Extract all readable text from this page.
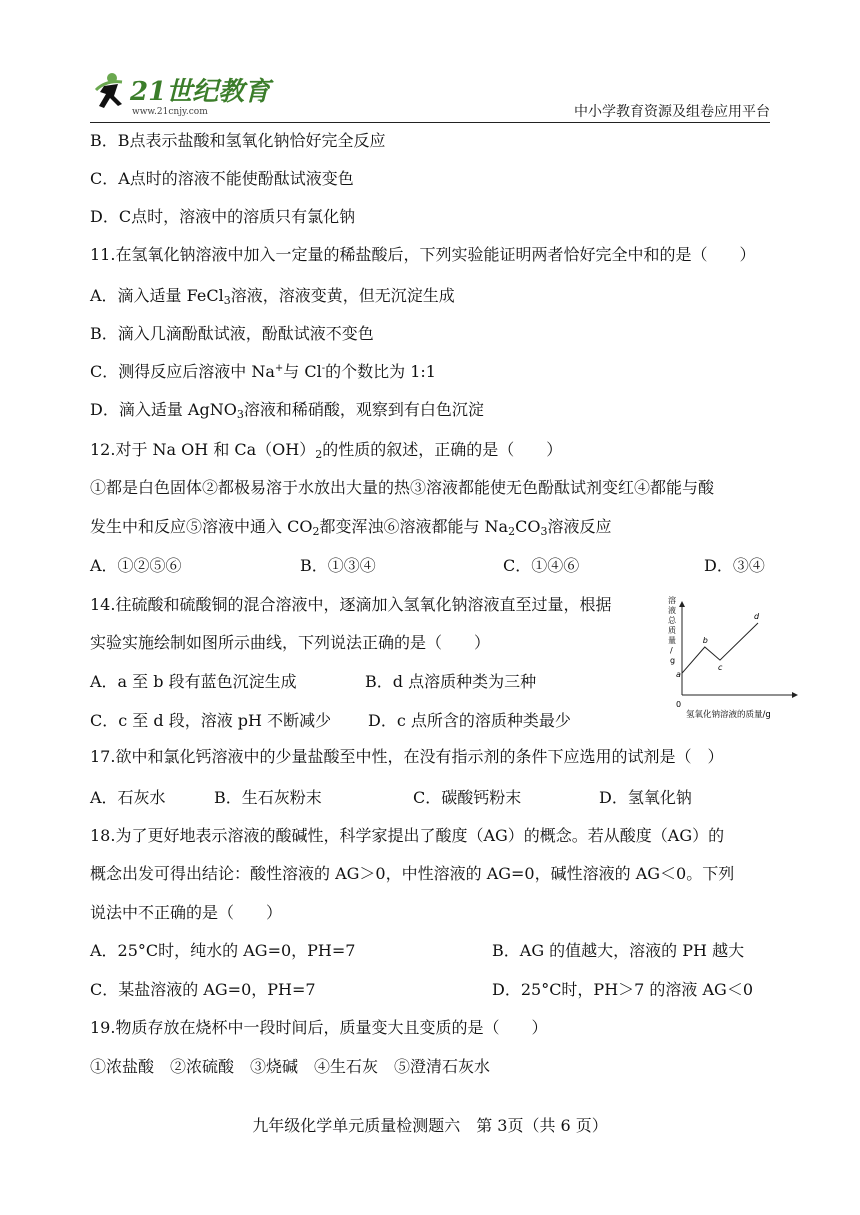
21世纪教育
www.21cnjy.com	中小学教育资源及组卷应用平台
B．B点表示盐酸和氢氧化钠恰好完全反应
C．A点时的溶液不能使酚酞试液变色
D．C点时，溶液中的溶质只有氯化钠
11.在氢氧化钠溶液中加入一定量的稀盐酸后，下列实验能证明两者恰好完全中和的是（　　）
A．滴入适量 FeCl$_3$溶液，溶液变黄，但无沉淀生成
B．滴入几滴酚酞试液，酚酞试液不变色
C．测得反应后溶液中 Na+与 Cl-的个数比为 1:1
D．滴入适量 AgNO$_3$溶液和稀硝酸，观察到有白色沉淀
12.对于 Na OH 和 $Ca(OH)_2$的性质的叙述，正确的是（　　）
①都是白色固体②都极易溶于水放出大量的热③溶液都能使无色酚酞试剂变红④都能与酸
发生中和反应⑤溶液中通入 $CO_2$都变浑浊⑥溶液都能与 $Na_2CO_3$溶液反应
A．①②⑤⑥	B．①③④	C．①④⑥	D．③④
14.往硫酸和硫酸铜的混合溶液中，逐滴加入氢氧化钠溶液直至过量，根据
实验实施绘制如图所示曲线，下列说法正确的是（　　）
A．a 至 b 段有蓝色沉淀生成	B．d 点溶质种类为三种
C．c 至 d 段，溶液 pH 不断减少 D．c 点所含的溶质种类最少
溶
液
总
质
量
/
g
0
a
b
c
d
氢氧化钠溶液的质量/g
17.欲中和氯化钙溶液中的少量盐酸至中性，在没有指示剂的条件下应选用的试剂是（　）
A．石灰水	B．生石灰粉末	C．碳酸钙粉末	D．氢氧化钠
18.为了更好地表示溶液的酸碱性，科学家提出了酸度（AG）的概念。若从酸度（AG）的
概念出发可得出结论：酸性溶液的 AG＞0，中性溶液的 AG=0，碱性溶液的 AG＜0。下列
说法中不正确的是（　　）
A．25°C时，纯水的 AG=0，PH=7	B．AG 的值越大，溶液的 PH 越大
C．某盐溶液的 AG=0，PH=7	D．25°C时，PH＞7 的溶液 AG＜0
19.物质存放在烧杯中一段时间后，质量变大且变质的是（　　）
①浓盐酸　②浓硫酸　③烧碱　④生石灰　⑤澄清石灰水
九年级化学单元质量检测题六　第 3页（共 6 页）
